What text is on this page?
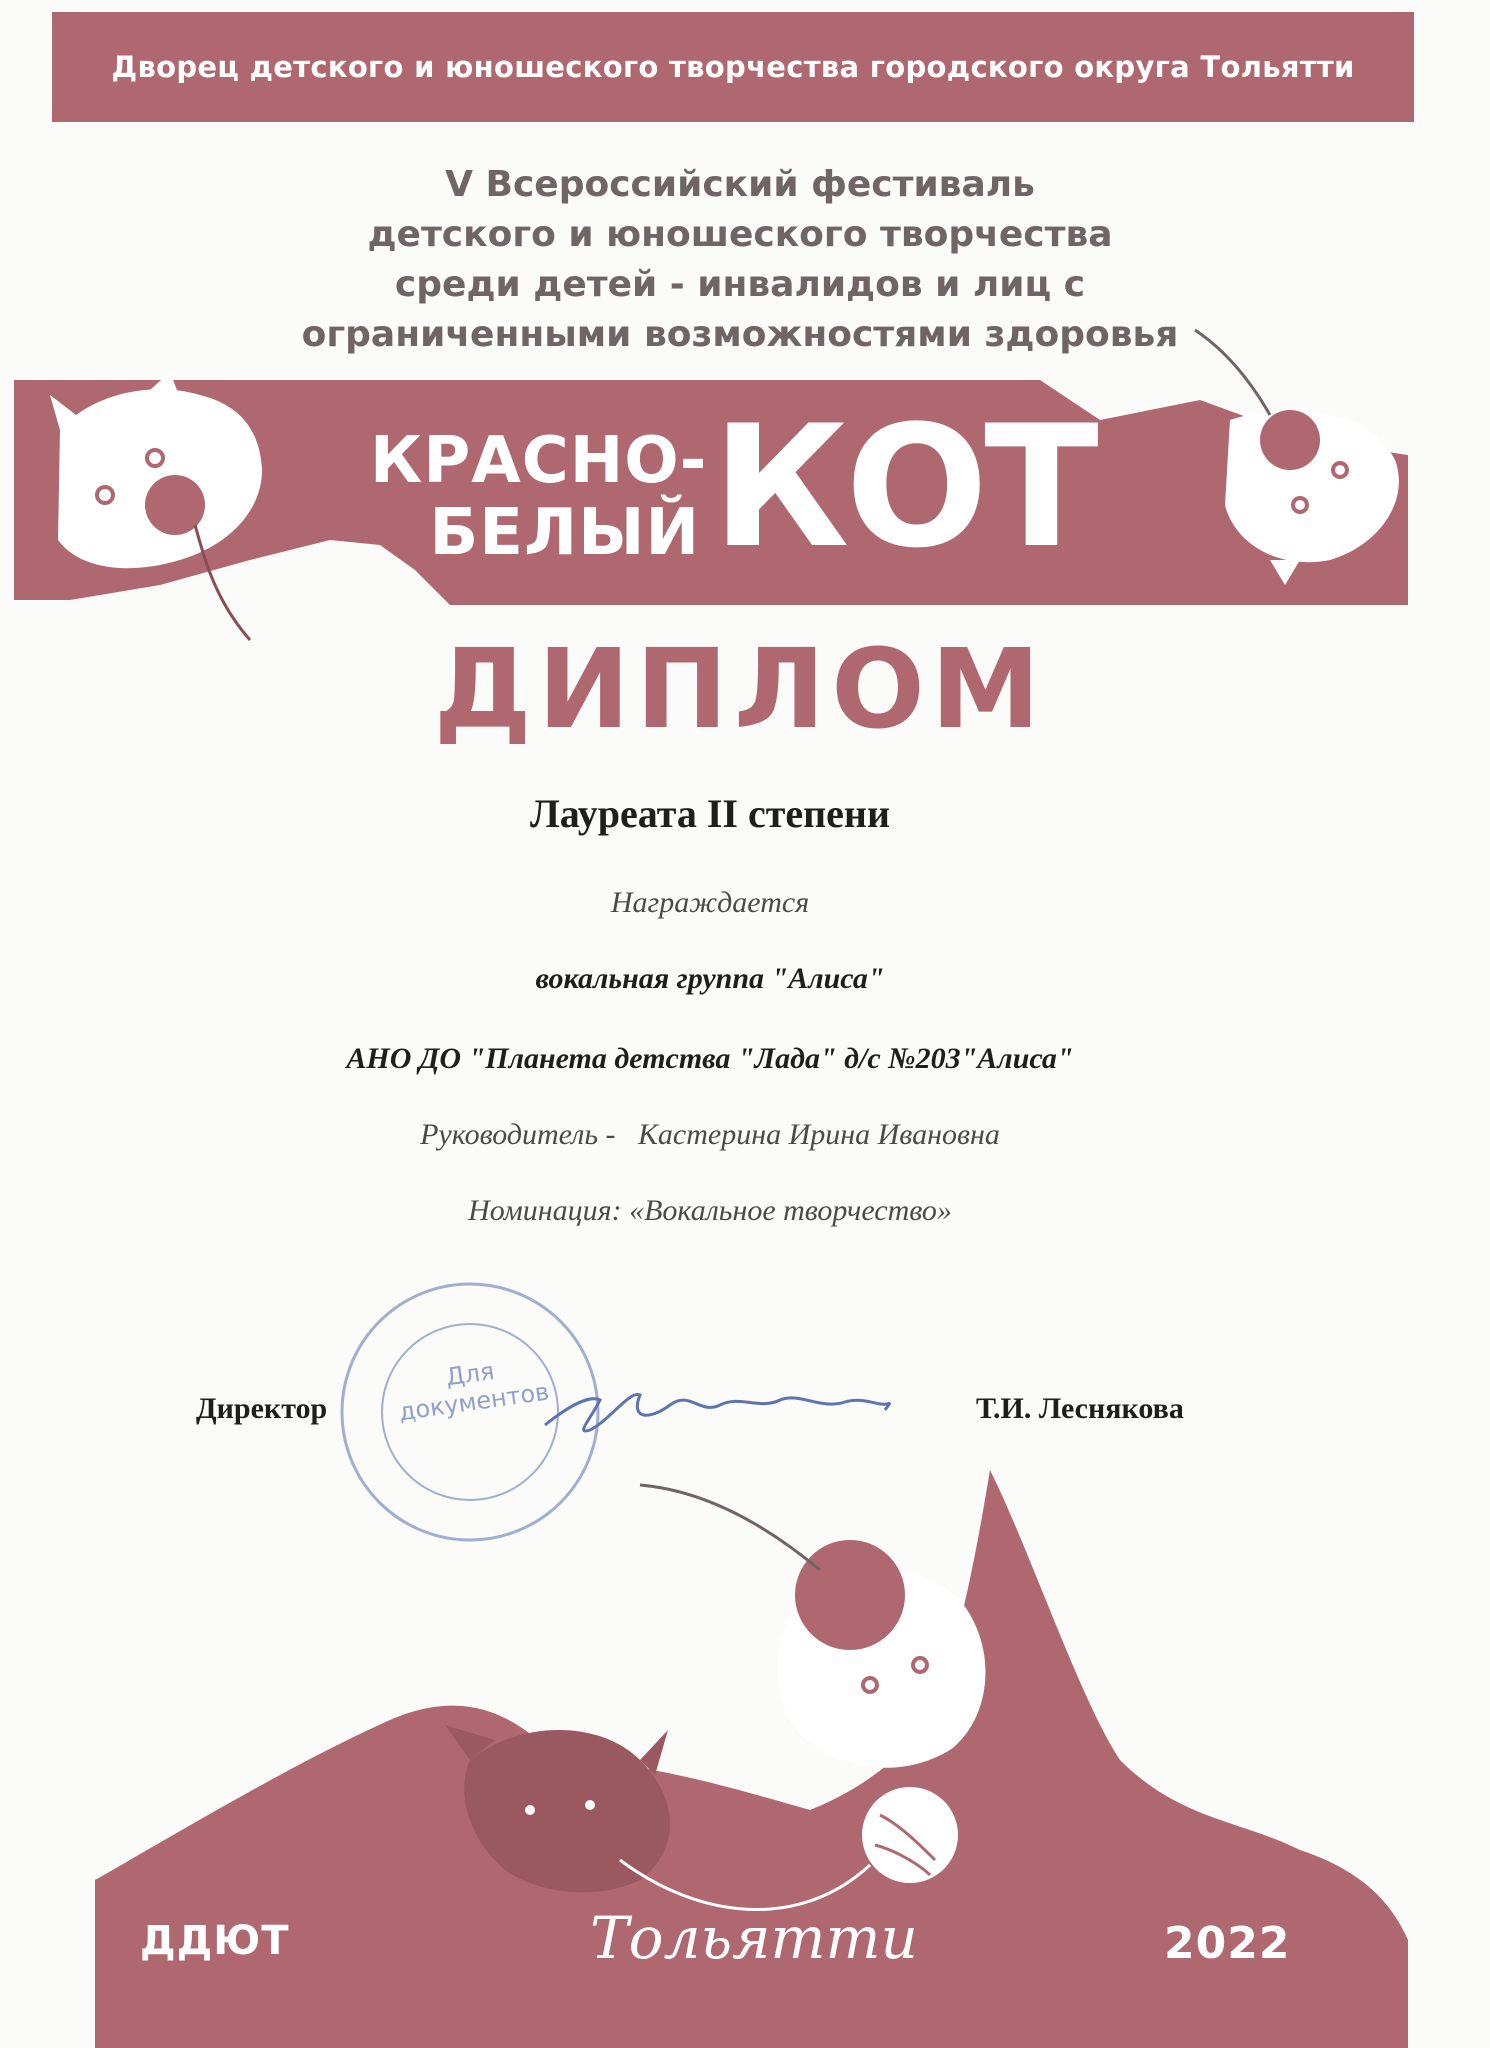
Дворец детского и юношеского творчества городского округа Тольятти
V Всероссийский фестиваль
детского и юношеского творчества
среди детей - инвалидов и лиц с
ограниченными возможностями здоровья
КРАСНО-
БЕЛЫЙ КОТ
ДИПЛОМ
Лауреата II степени
Награждается
вокальная группа "Алиса"
АНО ДО "Планета детства "Лада" д/с №203"Алиса"
Руководитель -   Кастерина Ирина Ивановна
Номинация: «Вокальное творчество»
Для документов
Директор	Т.И. Леснякова
ДДЮТ	Тольятти	2022
